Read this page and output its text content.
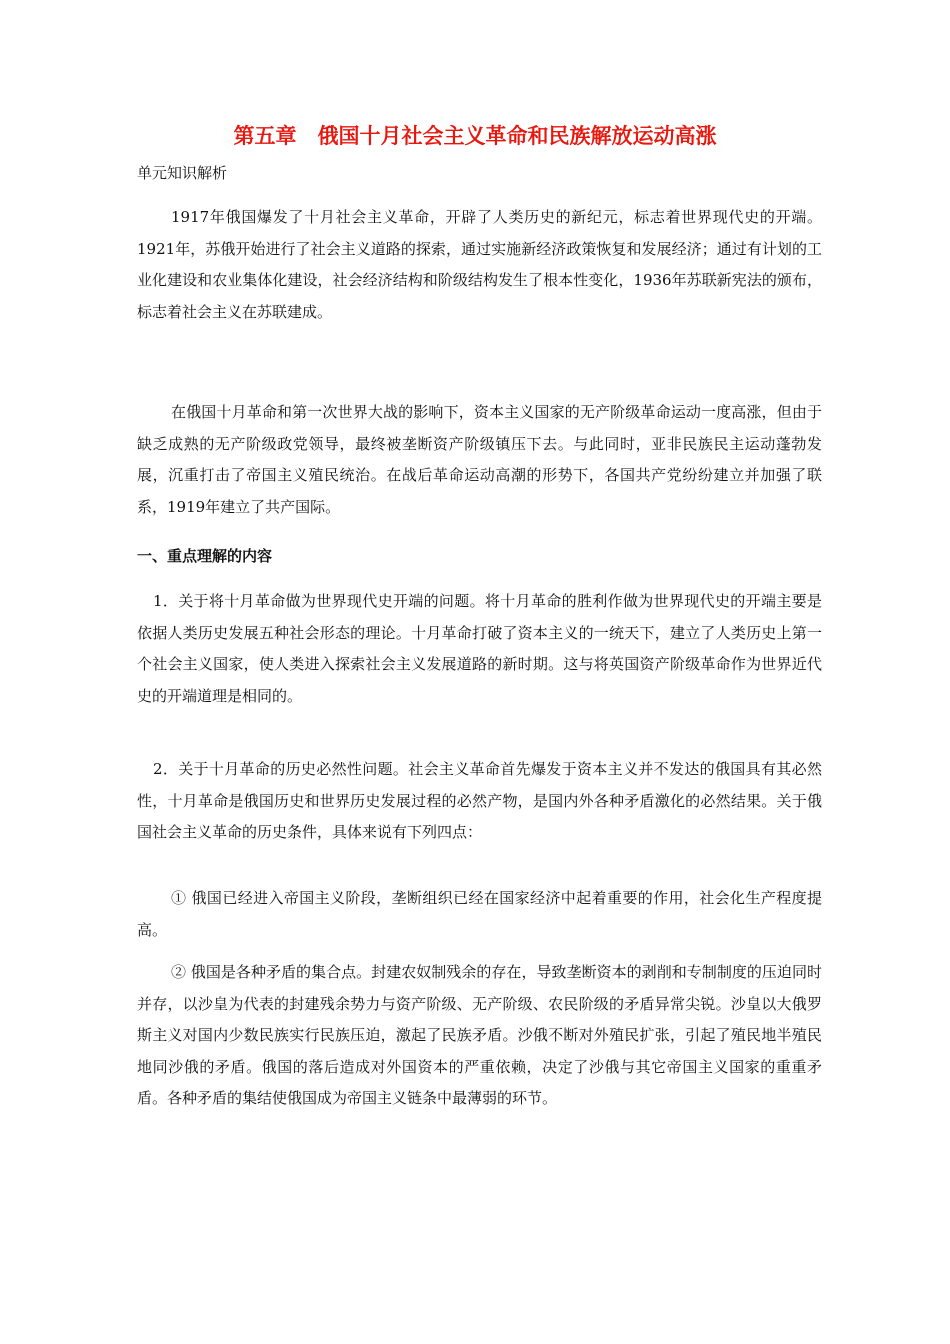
第五章　俄国十月社会主义革命和民族解放运动高涨
单元知识解析

1917年俄国爆发了十月社会主义革命，开辟了人类历史的新纪元，标志着世界现代史的开端。1921年，苏俄开始进行了社会主义道路的探索，通过实施新经济政策恢复和发展经济；通过有计划的工业化建设和农业集体化建设，社会经济结构和阶级结构发生了根本性变化，1936年苏联新宪法的颁布，标志着社会主义在苏联建成。

在俄国十月革命和第一次世界大战的影响下，资本主义国家的无产阶级革命运动一度高涨，但由于缺乏成熟的无产阶级政党领导，最终被垄断资产阶级镇压下去。与此同时，亚非民族民主运动蓬勃发展，沉重打击了帝国主义殖民统治。在战后革命运动高潮的形势下，各国共产党纷纷建立并加强了联系，1919年建立了共产国际。

一、重点理解的内容

1．关于将十月革命做为世界现代史开端的问题。将十月革命的胜利作做为世界现代史的开端主要是依据人类历史发展五种社会形态的理论。十月革命打破了资本主义的一统天下，建立了人类历史上第一个社会主义国家，使人类进入探索社会主义发展道路的新时期。这与将英国资产阶级革命作为世界近代史的开端道理是相同的。

2．关于十月革命的历史必然性问题。社会主义革命首先爆发于资本主义并不发达的俄国具有其必然性，十月革命是俄国历史和世界历史发展过程的必然产物，是国内外各种矛盾激化的必然结果。关于俄国社会主义革命的历史条件，具体来说有下列四点：

① 俄国已经进入帝国主义阶段，垄断组织已经在国家经济中起着重要的作用，社会化生产程度提高。

② 俄国是各种矛盾的集合点。封建农奴制残余的存在，导致垄断资本的剥削和专制制度的压迫同时并存，以沙皇为代表的封建残余势力与资产阶级、无产阶级、农民阶级的矛盾异常尖锐。沙皇以大俄罗斯主义对国内少数民族实行民族压迫，激起了民族矛盾。沙俄不断对外殖民扩张，引起了殖民地半殖民地同沙俄的矛盾。俄国的落后造成对外国资本的严重依赖，决定了沙俄与其它帝国主义国家的重重矛盾。各种矛盾的集结使俄国成为帝国主义链条中最薄弱的环节。
